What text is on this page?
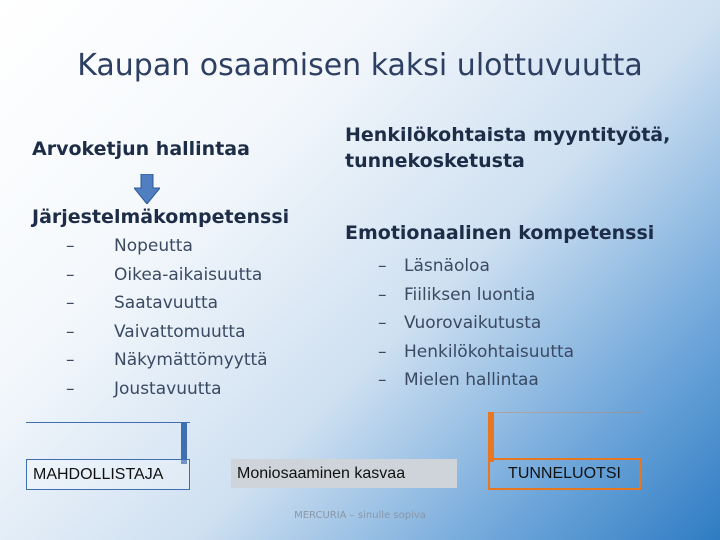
Kaupan osaamisen kaksi ulottuvuutta
Arvoketjun hallintaa
Järjestelmäkompetenssi
– Nopeutta
– Oikea-aikaisuutta
– Saatavuutta
– Vaivattomuutta
– Näkymättömyyttä
– Joustavuutta
Henkilökohtaista myyntityötä,
tunnekosketusta
Emotionaalinen kompetenssi
– Läsnäoloa
– Fiiliksen luontia
– Vuorovaikutusta
– Henkilökohtaisuutta
– Mielen hallintaa
MAHDOLLISTAJA	Moniosaaminen kasvaa	TUNNELUOTSI
MERCURIA – sinulle sopiva
